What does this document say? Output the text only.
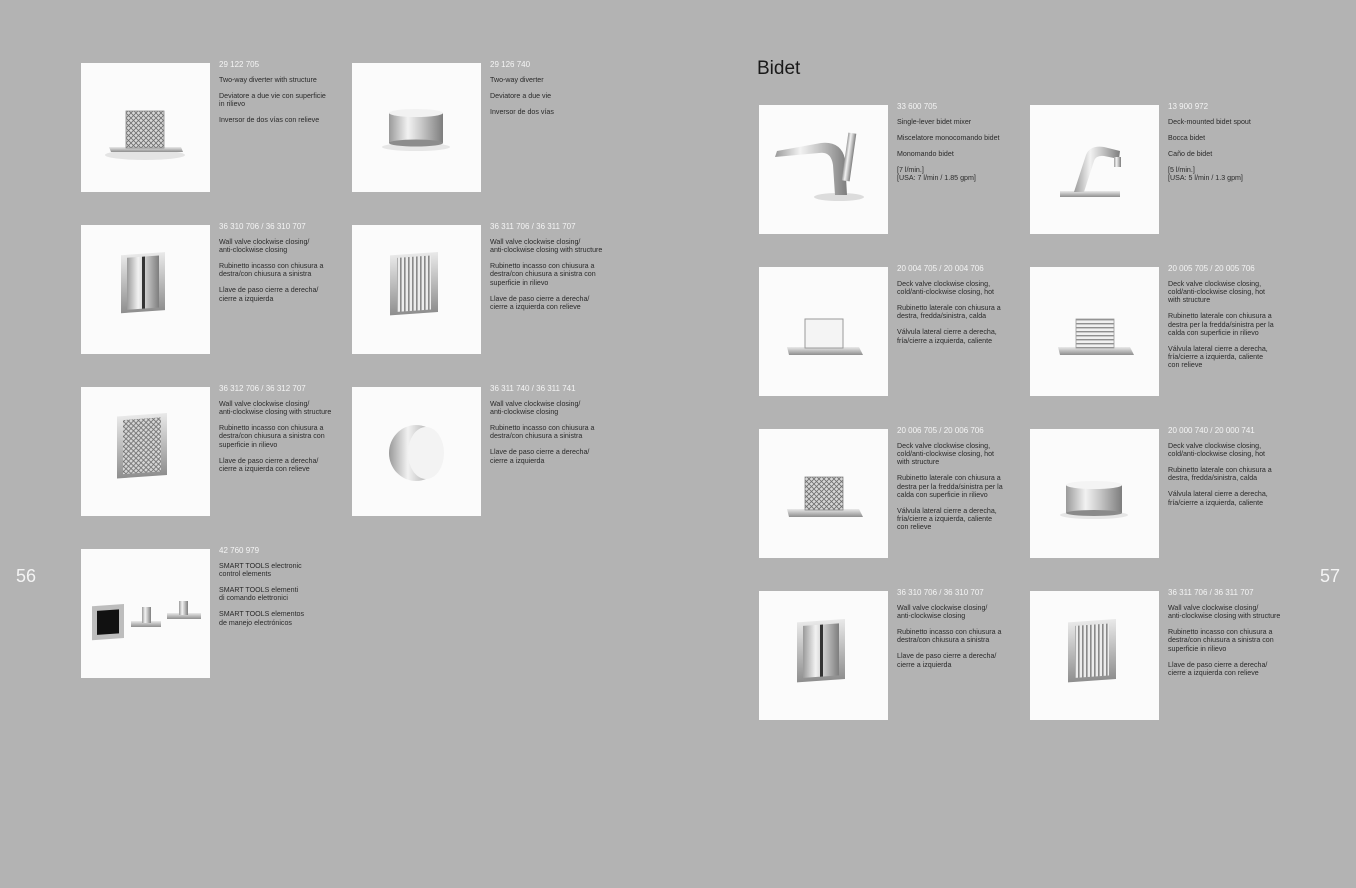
56	57
Bidet
29 122 705
Two-way diverter with structure
Deviatore a due vie con superficie
in rilievo
Inversor de dos vías con relieve
29 126 740
Two-way diverter
Deviatore a due vie
Inversor de dos vías
36 310 706 / 36 310 707
Wall valve clockwise closing/
anti-clockwise closing
Rubinetto incasso con chiusura a
destra/con chiusura a sinistra
Llave de paso cierre a derecha/
cierre a izquierda
36 311 706 / 36 311 707
Wall valve clockwise closing/
anti-clockwise closing with structure
Rubinetto incasso con chiusura a
destra/con chiusura a sinistra con
superficie in rilievo
Llave de paso cierre a derecha/
cierre a izquierda con relieve
36 312 706 / 36 312 707
Wall valve clockwise closing/
anti-clockwise closing with structure
Rubinetto incasso con chiusura a
destra/con chiusura a sinistra con
superficie in rilievo
Llave de paso cierre a derecha/
cierre a izquierda con relieve
36 311 740 / 36 311 741
Wall valve clockwise closing/
anti-clockwise closing
Rubinetto incasso con chiusura a
destra/con chiusura a sinistra
Llave de paso cierre a derecha/
cierre a izquierda
42 760 979
SMART TOOLS electronic
control elements
SMART TOOLS elementi
di comando elettronici
SMART TOOLS elementos
de manejo electrónicos
33 600 705
Single-lever bidet mixer
Miscelatore monocomando bidet
Monomando bidet
[7 l/min.]
[USA: 7 l/min / 1.85 gpm]
13 900 972
Deck-mounted bidet spout
Bocca bidet
Caño de bidet
[5 l/min.]
[USA: 5 l/min / 1.3 gpm]
20 004 705 / 20 004 706
Deck valve clockwise closing,
cold/anti-clockwise closing, hot
Rubinetto laterale con chiusura a
destra, fredda/sinistra, calda
Válvula lateral cierre a derecha,
fría/cierre a izquierda, caliente
20 005 705 / 20 005 706
Deck valve clockwise closing,
cold/anti-clockwise closing, hot
with structure
Rubinetto laterale con chiusura a
destra per la fredda/sinistra per la
calda con superficie in rilievo
Válvula lateral cierre a derecha,
fría/cierre a izquierda, caliente
con relieve
20 006 705 / 20 006 706
Deck valve clockwise closing,
cold/anti-clockwise closing, hot
with structure
Rubinetto laterale con chiusura a
destra per la fredda/sinistra per la
calda con superficie in rilievo
Válvula lateral cierre a derecha,
fría/cierre a izquierda, caliente
con relieve
20 000 740 / 20 000 741
Deck valve clockwise closing,
cold/anti-clockwise closing, hot
Rubinetto laterale con chiusura a
destra, fredda/sinistra, calda
Válvula lateral cierre a derecha,
fría/cierre a izquierda, caliente
36 310 706 / 36 310 707
Wall valve clockwise closing/
anti-clockwise closing
Rubinetto incasso con chiusura a
destra/con chiusura a sinistra
Llave de paso cierre a derecha/
cierre a izquierda
36 311 706 / 36 311 707
Wall valve clockwise closing/
anti-clockwise closing with structure
Rubinetto incasso con chiusura a
destra/con chiusura a sinistra con
superficie in rilievo
Llave de paso cierre a derecha/
cierre a izquierda con relieve
